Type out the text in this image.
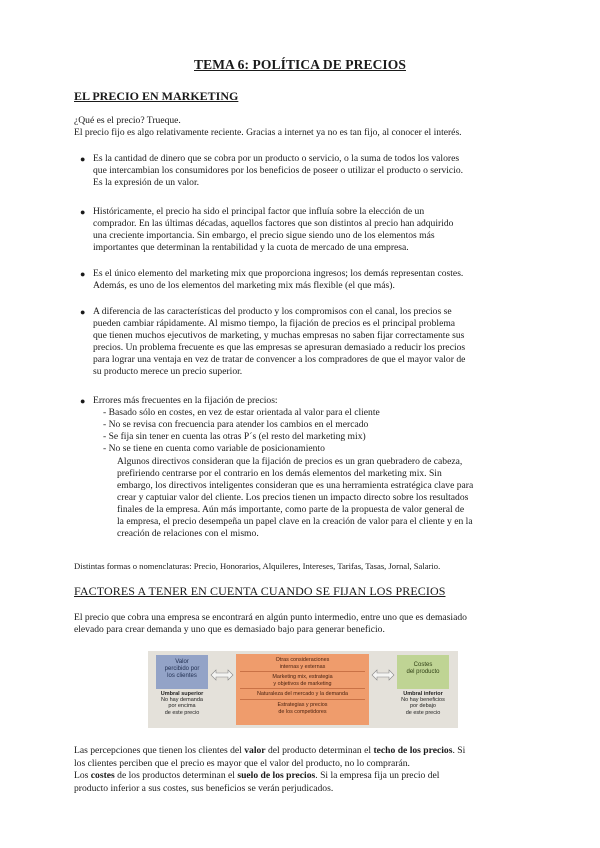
TEMA 6: POLÍTICA DE PRECIOS
EL PRECIO EN MARKETING
¿Qué es el precio? Trueque.
El precio fijo es algo relativamente reciente. Gracias a internet ya no es tan fijo, al conocer el interés.
● Es la cantidad de dinero que se cobra por un producto o servicio, o la suma de todos los valores
que intercambian los consumidores por los beneficios de poseer o utilizar el producto o servicio.
Es la expresión de un valor.
● Históricamente, el precio ha sido el principal factor que influía sobre la elección de un
comprador. En las últimas décadas, aquellos factores que son distintos al precio han adquirido
una creciente importancia. Sin embargo, el precio sigue siendo uno de los elementos más
importantes que determinan la rentabilidad y la cuota de mercado de una empresa.
● Es el único elemento del marketing mix que proporciona ingresos; los demás representan costes.
Además, es uno de los elementos del marketing mix más flexible (el que más).
● A diferencia de las características del producto y los compromisos con el canal, los precios se
pueden cambiar rápidamente. Al mismo tiempo, la fijación de precios es el principal problema
que tienen muchos ejecutivos de marketing, y muchas empresas no saben fijar correctamente sus
precios. Un problema frecuente es que las empresas se apresuran demasiado a reducir los precios
para lograr una ventaja en vez de tratar de convencer a los compradores de que el mayor valor de
su producto merece un precio superior.
● Errores más frecuentes en la fijación de precios:
- Basado sólo en costes, en vez de estar orientada al valor para el cliente
- No se revisa con frecuencia para atender los cambios en el mercado
- Se fija sin tener en cuenta las otras P´s (el resto del marketing mix)
- No se tiene en cuenta como variable de posicionamiento
Algunos directivos consideran que la fijación de precios es un gran quebradero de cabeza,
prefiriendo centrarse por el contrario en los demás elementos del marketing mix. Sin
embargo, los directivos inteligentes consideran que es una herramienta estratégica clave para
crear y captuiar valor del cliente. Los precios tienen un impacto directo sobre los resultados
finales de la empresa. Aún más importante, como parte de la propuesta de valor general de
la empresa, el precio desempeña un papel clave en la creación de valor para el cliente y en la
creación de relaciones con el mismo.
Distintas formas o nomenclaturas: Precio, Honorarios, Alquileres, Intereses, Tarifas, Tasas, Jornal, Salario.
FACTORES A TENER EN CUENTA CUANDO SE FIJAN LOS PRECIOS
El precio que cobra una empresa se encontrará en algún punto intermedio, entre uno que es demasiado
elevado para crear demanda y uno que es demasiado bajo para generar beneficio.
Valor
percibido por
los clientes
Otras consideraciones
internas y externas
Marketing mix, estrategia
y objetivos de marketing
Naturaleza del mercado y la demanda
Estrategias y precios
de los competidores
Costes
del producto
Umbral superior
No hay demanda
por encima
de este precio
Umbral inferior
No hay beneficios
por debajo
de este precio
Las percepciones que tienen los clientes del valor del producto determinan el techo de los precios. Si
los clientes perciben que el precio es mayor que el valor del producto, no lo comprarán.
Los costes de los productos determinan el suelo de los precios. Si la empresa fija un precio del
producto inferior a sus costes, sus beneficios se verán perjudicados.
